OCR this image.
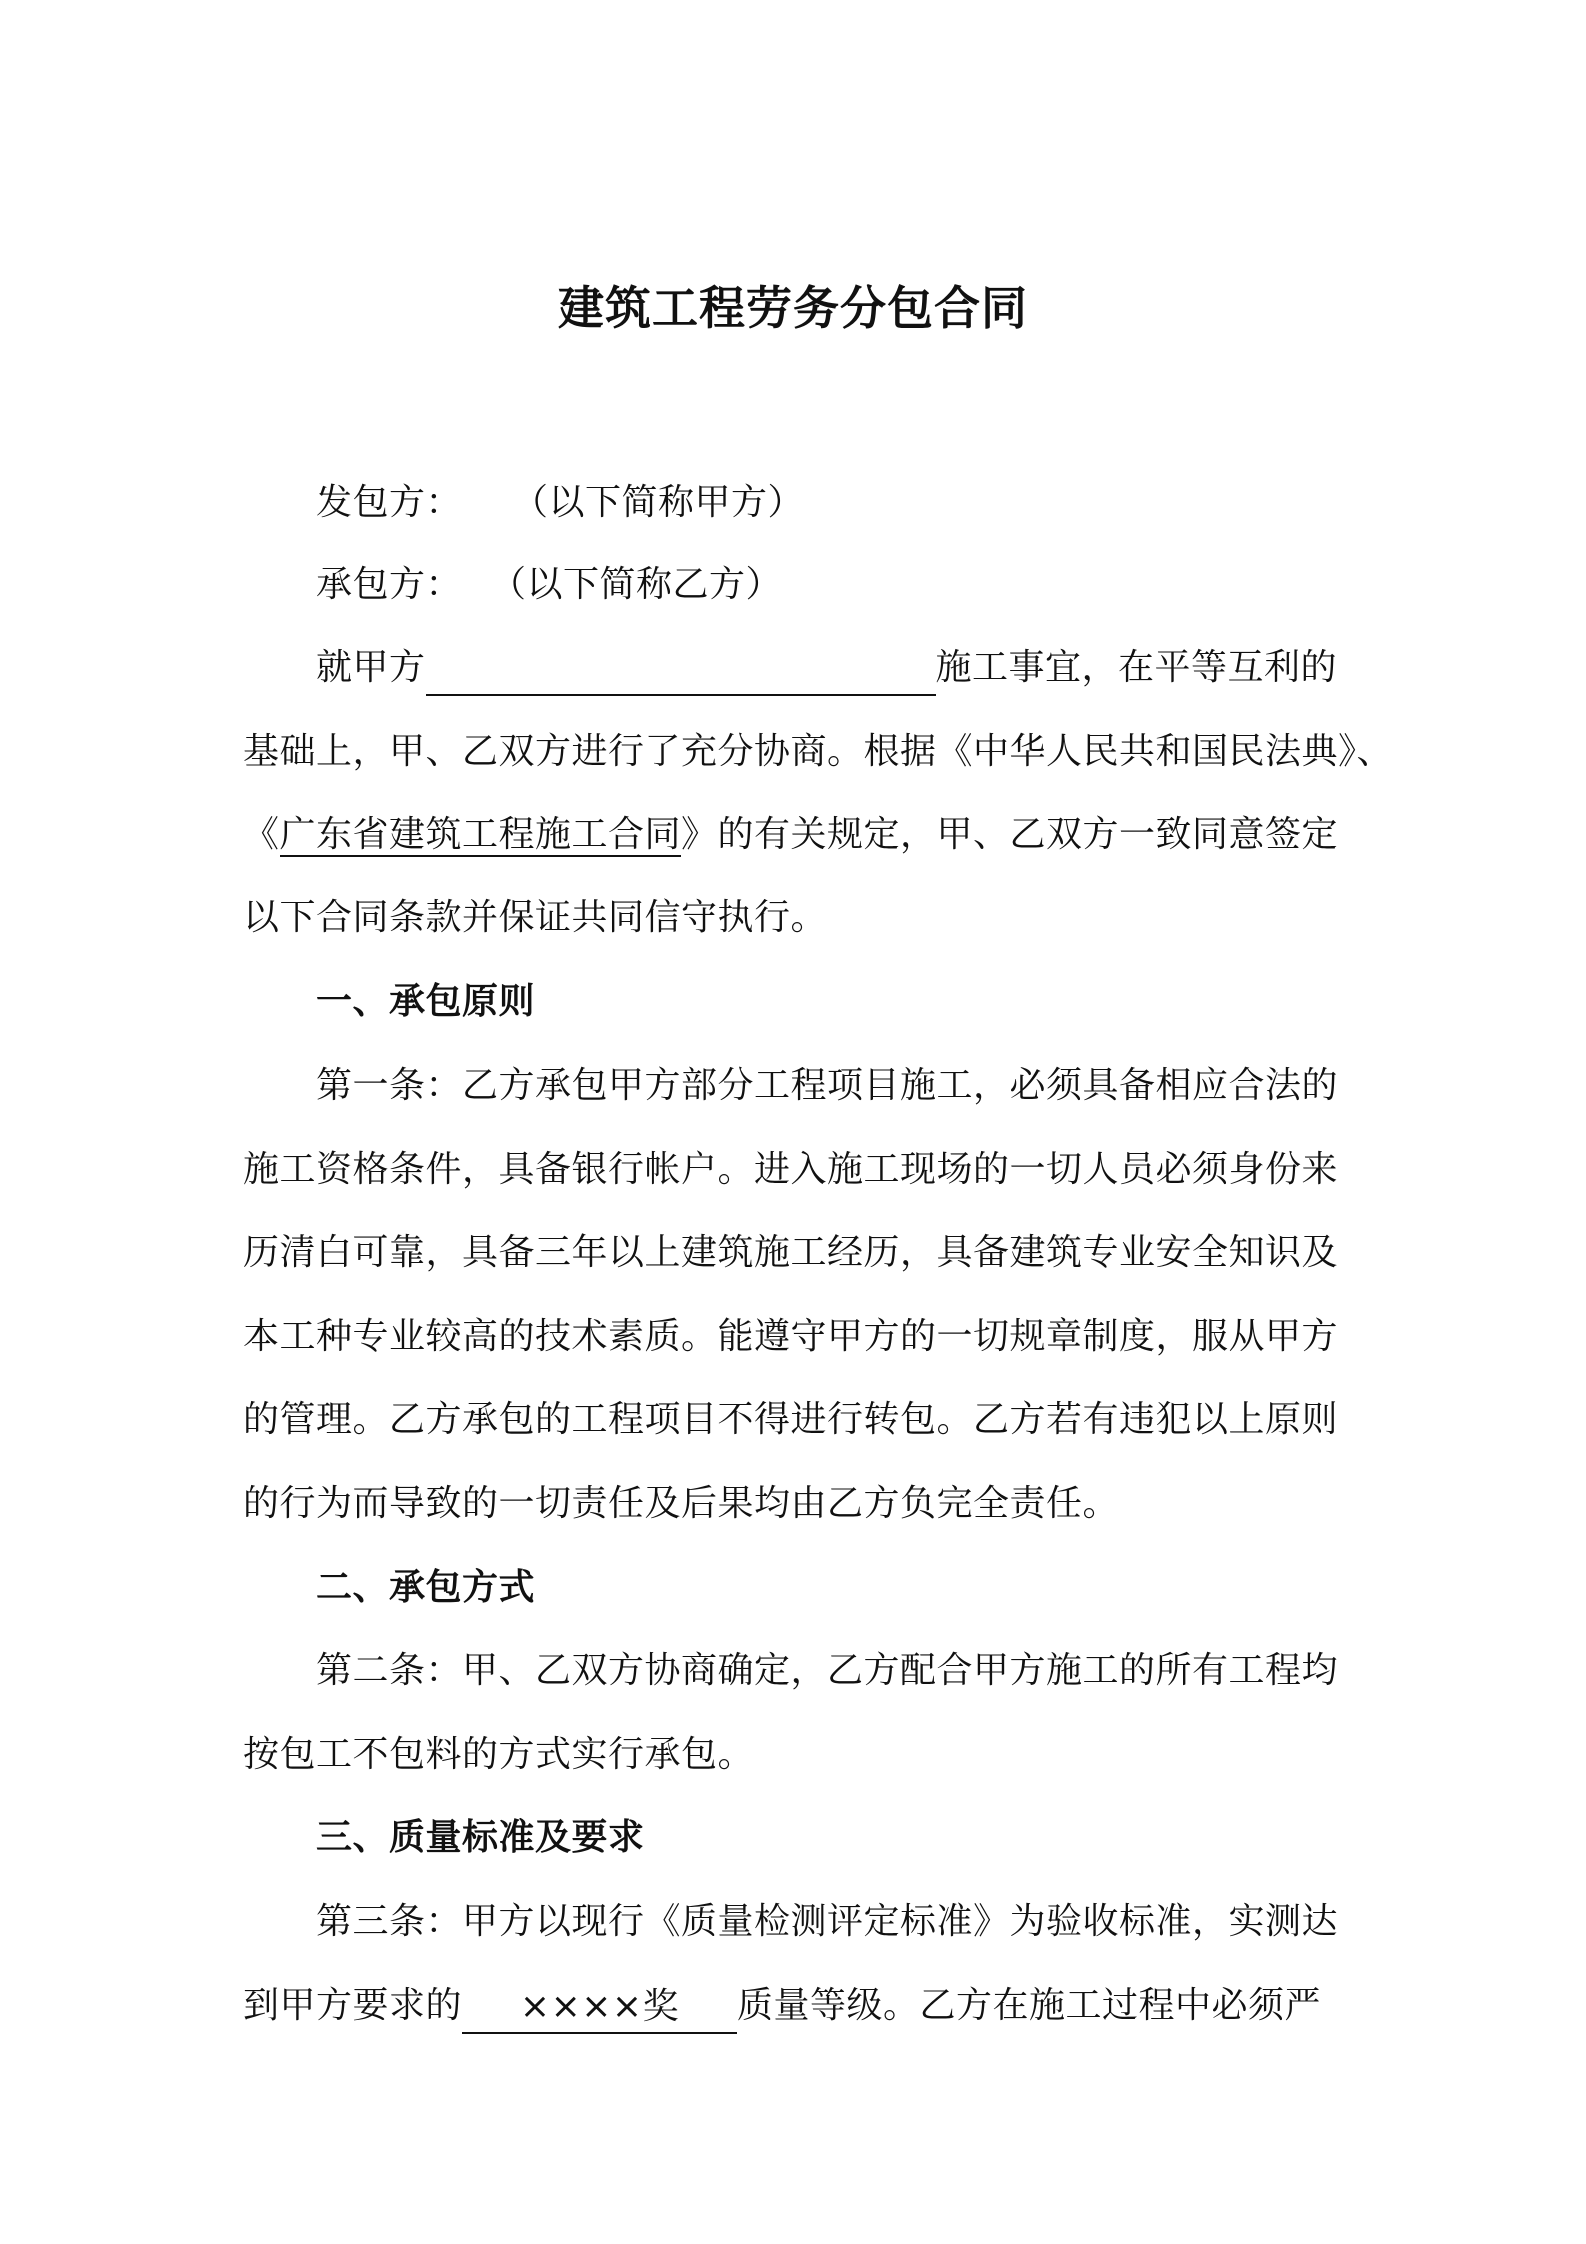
建筑工程劳务分包合同
发包方： （以下简称甲方）
承包方： （以下简称乙方）
就甲方	施工事宜，在平等互利的
基础上，甲、乙双方进行了充分协商。根据《中华人民共和国民法典》、
《广东省建筑工程施工合同》的有关规定，甲、乙双方一致同意签定
以下合同条款并保证共同信守执行。
一、承包原则
第一条：乙方承包甲方部分工程项目施工，必须具备相应合法的
施工资格条件，具备银行帐户。进入施工现场的一切人员必须身份来
历清白可靠，具备三年以上建筑施工经历，具备建筑专业安全知识及
本工种专业较高的技术素质。能遵守甲方的一切规章制度，服从甲方
的管理。乙方承包的工程项目不得进行转包。乙方若有违犯以上原则
的行为而导致的一切责任及后果均由乙方负完全责任。
二、承包方式
第二条：甲、乙双方协商确定，乙方配合甲方施工的所有工程均
按包工不包料的方式实行承包。
三、质量标准及要求
第三条：甲方以现行《质量检测评定标准》为验收标准，实测达
到甲方要求的 ××××奖 质量等级。乙方在施工过程中必须严
